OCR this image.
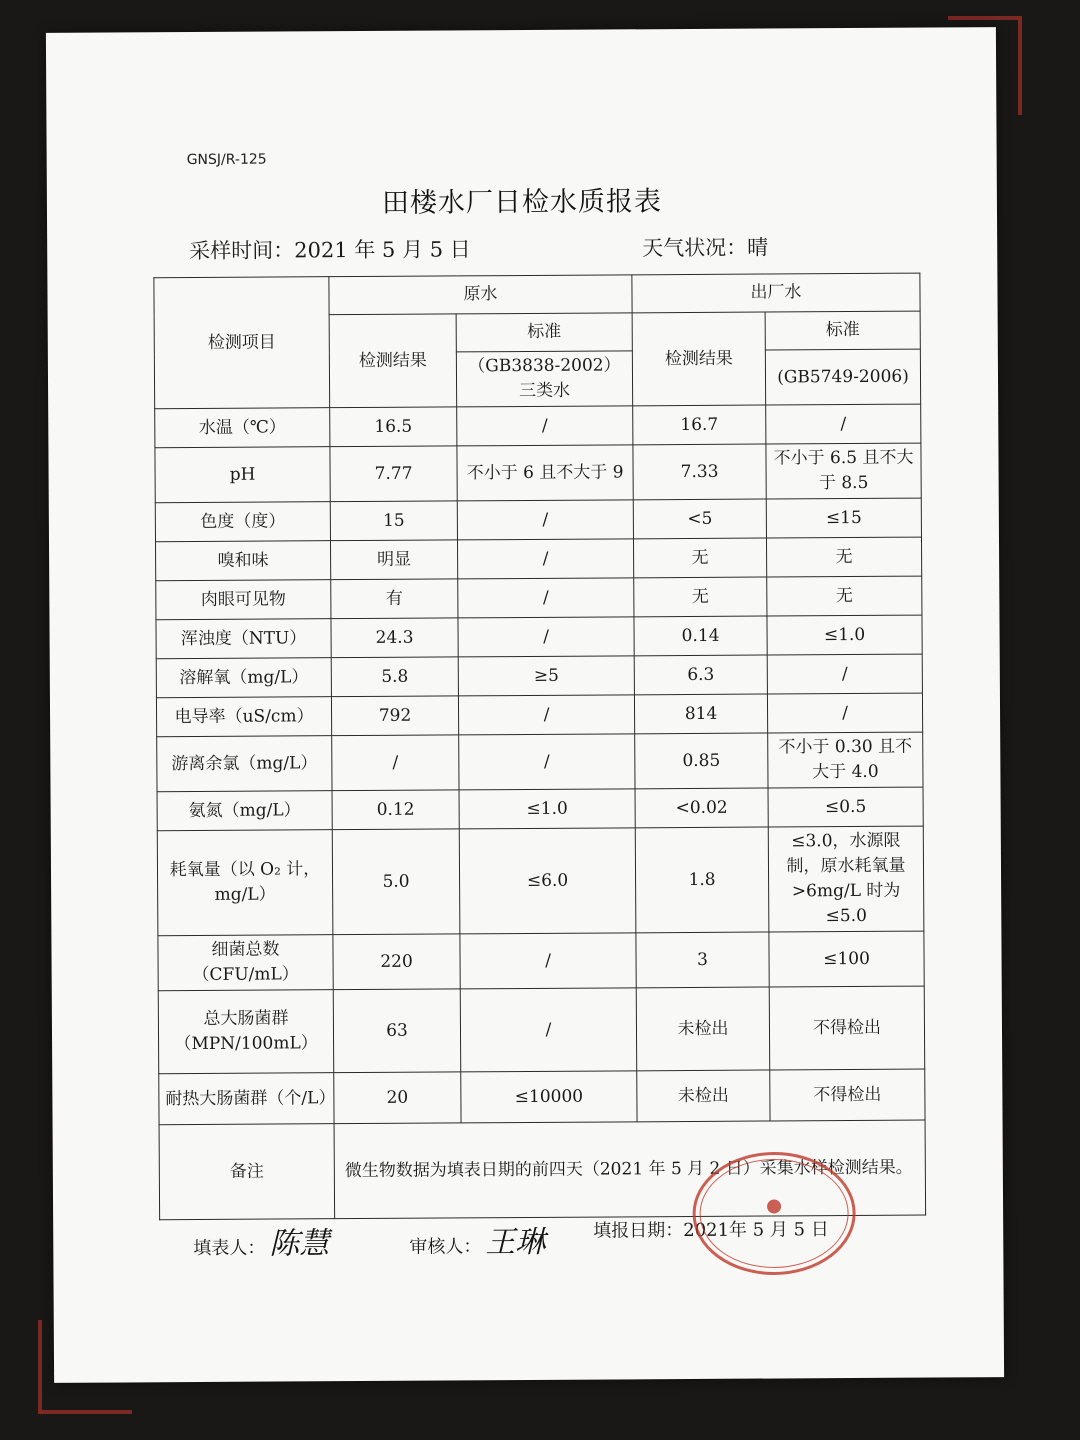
GNSJ/R-125
田楼水厂日检水质报表
采样时间：2021 年 5 月 5 日	天气状况：晴
检测项目	原水		出厂水	
	检测结果	标准	检测结果	标准
		（GB3838-2002）三类水		(GB5749-2006)
水温（℃）	16.5	/	16.7	/
pH	7.77	不小于 6 且不大于 9	7.33	不小于 6.5 且不大于 8.5
色度（度）	15	/	<5	≤15
嗅和味	明显	/	无	无
肉眼可见物	有	/	无	无
浑浊度（NTU）	24.3	/	0.14	≤1.0
溶解氧（mg/L）	5.8	≥5	6.3	/
电导率（uS/cm）	792	/	814	/
游离余氯（mg/L）	/	/	0.85	不小于 0.30 且不大于 4.0
氨氮（mg/L）	0.12	≤1.0	<0.02	≤0.5
耗氧量（以 O₂ 计，mg/L）	5.0	≤6.0	1.8	≤3.0，水源限制，原水耗氧量>6mg/L 时为≤5.0
细菌总数（CFU/mL）	220	/	3	≤100
总大肠菌群（MPN/100mL）	63	/	未检出	不得检出
耐热大肠菌群（个/L）	20	≤10000	未检出	不得检出
备注	微生物数据为填表日期的前四天（2021 年 5 月 2 日）采集水样检测结果。			
填表人： 陈慧	审核人： 王琳	填报日期：2021年 5 月 5 日
